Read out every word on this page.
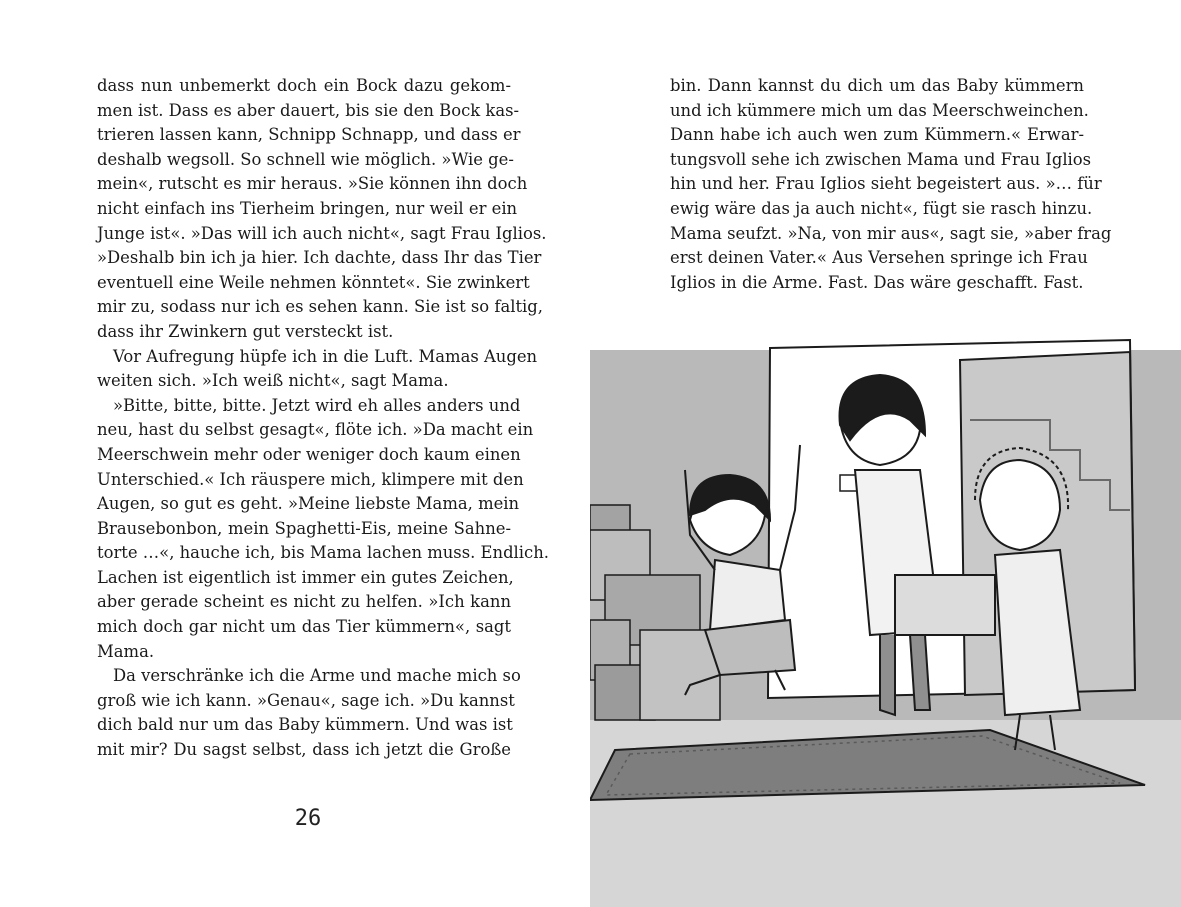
dass nun unbemerkt doch ein Bock dazu gekom-
men ist. Dass es aber dauert, bis sie den Bock kas-
trieren lassen kann, Schnipp Schnapp, und dass er
deshalb wegsoll. So schnell wie möglich. »Wie ge-
mein«, rutscht es mir heraus. »Sie können ihn doch
nicht einfach ins Tierheim bringen, nur weil er ein
Junge ist«. »Das will ich auch nicht«, sagt Frau Iglios.
»Deshalb bin ich ja hier. Ich dachte, dass Ihr das Tier
eventuell eine Weile nehmen könntet«. Sie zwinkert
mir zu, sodass nur ich es sehen kann. Sie ist so faltig,
dass ihr Zwinkern gut versteckt ist.
Vor Aufregung hüpfe ich in die Luft. Mamas Augen
weiten sich. »Ich weiß nicht«, sagt Mama.
»Bitte, bitte, bitte. Jetzt wird eh alles anders und
neu, hast du selbst gesagt«, flöte ich. »Da macht ein
Meerschwein mehr oder weniger doch kaum einen
Unterschied.« Ich räuspere mich, klimpere mit den
Augen, so gut es geht. »Meine liebste Mama, mein
Brausebonbon, mein Spaghetti-Eis, meine Sahne-
torte …«, hauche ich, bis Mama lachen muss. Endlich.
Lachen ist eigentlich ist immer ein gutes Zeichen,
aber gerade scheint es nicht zu helfen. »Ich kann
mich doch gar nicht um das Tier kümmern«, sagt
Mama.
Da verschränke ich die Arme und mache mich so
groß wie ich kann. »Genau«, sage ich. »Du kannst
dich bald nur um das Baby kümmern. Und was ist
mit mir? Du sagst selbst, dass ich jetzt die Große
26
bin. Dann kannst du dich um das Baby kümmern
und ich kümmere mich um das Meerschweinchen.
Dann habe ich auch wen zum Kümmern.« Erwar-
tungsvoll sehe ich zwischen Mama und Frau Iglios
hin und her. Frau Iglios sieht begeistert aus. »… für
ewig wäre das ja auch nicht«, fügt sie rasch hinzu.
Mama seufzt. »Na, von mir aus«, sagt sie, »aber frag
erst deinen Vater.« Aus Versehen springe ich Frau
Iglios in die Arme. Fast. Das wäre geschafft. Fast.
